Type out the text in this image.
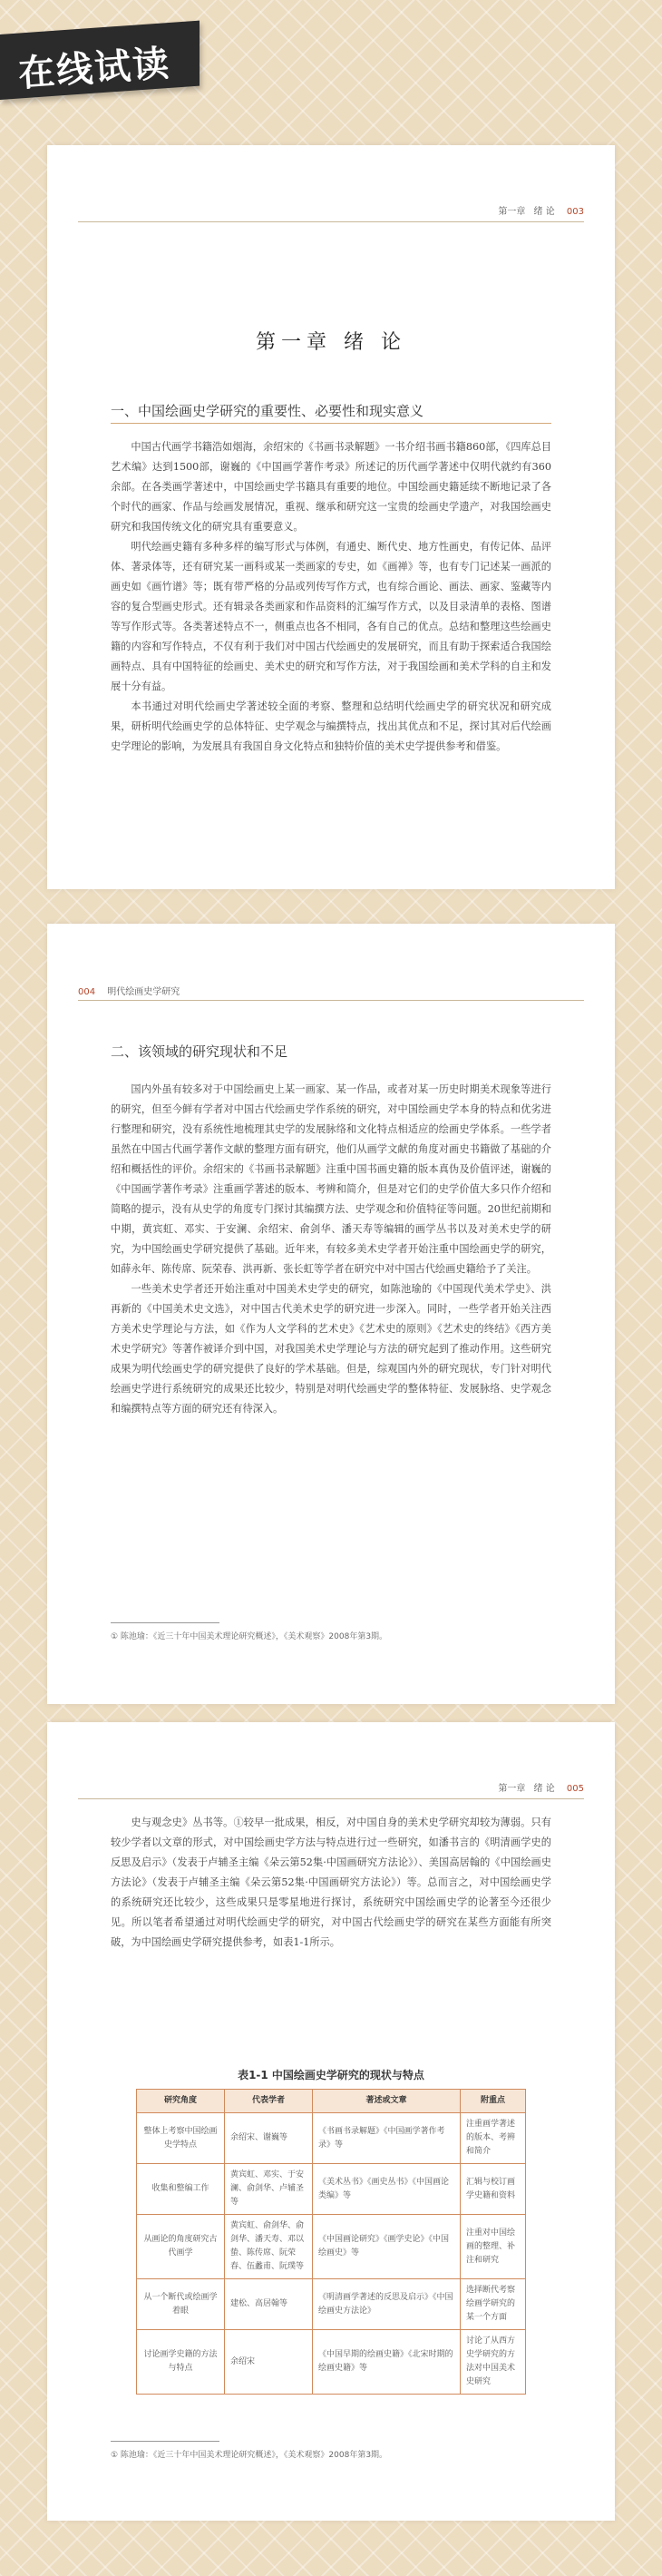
在线试读
第一章 绪 论 003
第一章 绪 论
一、中国绘画史学研究的重要性、必要性和现实意义

中国古代画学书籍浩如烟海，余绍宋的《书画书录解题》一书介绍书画书籍860部，《四库总目艺术编》达到1500部，谢巍的《中国画学著作考录》所述记的历代画学著述中仅明代就约有360余部。在各类画学著述中，中国绘画史学书籍具有重要的地位。中国绘画史籍延续不断地记录了各个时代的画家、作品与绘画发展情况，重视、继承和研究这一宝贵的绘画史学遗产，对我国绘画史研究和我国传统文化的研究具有重要意义。

明代绘画史籍有多种多样的编写形式与体例，有通史、断代史、地方性画史，有传记体、品评体、著录体等，还有研究某一画科或某一类画家的专史，如《画禅》等，也有专门记述某一画派的画史如《画竹谱》等；既有带严格的分品或列传写作方式，也有综合画论、画法、画家、鉴藏等内容的复合型画史形式。还有辑录各类画家和作品资料的汇编写作方式，以及目录清单的表格、图谱等写作形式等。各类著述特点不一，侧重点也各不相同，各有自己的优点。总结和整理这些绘画史籍的内容和写作特点，不仅有利于我们对中国古代绘画史的发展研究，而且有助于探索适合我国绘画特点、具有中国特征的绘画史、美术史的研究和写作方法，对于我国绘画和美术学科的自主和发展十分有益。

本书通过对明代绘画史学著述较全面的考察、整理和总结明代绘画史学的研究状况和研究成果，研析明代绘画史学的总体特征、史学观念与编撰特点，找出其优点和不足，探讨其对后代绘画史学理论的影响，为发展具有我国自身文化特点和独特价值的美术史学提供参考和借鉴。

004 明代绘画史学研究
二、该领域的研究现状和不足

国内外虽有较多对于中国绘画史上某一画家、某一作品，或者对某一历史时期美术现象等进行的研究，但至今鲜有学者对中国古代绘画史学作系统的研究，对中国绘画史学本身的特点和优劣进行整理和研究，没有系统性地梳理其史学的发展脉络和文化特点相适应的绘画史学体系。一些学者虽然在中国古代画学著作文献的整理方面有研究，他们从画学文献的角度对画史书籍做了基础的介绍和概括性的评价。余绍宋的《书画书录解题》注重中国书画史籍的版本真伪及价值评述，谢巍的《中国画学著作考录》注重画学著述的版本、考辨和简介，但是对它们的史学价值大多只作介绍和简略的提示，没有从史学的角度专门探讨其编撰方法、史学观念和价值特征等问题。20世纪前期和中期，黄宾虹、邓实、于安澜、余绍宋、俞剑华、潘天寿等编辑的画学丛书以及对美术史学的研究，为中国绘画史学研究提供了基础。近年来，有较多美术史学者开始注重中国绘画史学的研究，如薛永年、陈传席、阮荣春、洪再新、张长虹等学者在研究中对中国古代绘画史籍给予了关注。

一些美术史学者还开始注重对中国美术史学史的研究，如陈池瑜的《中国现代美术学史》、洪再新的《中国美术史文选》，对中国古代美术史学的研究进一步深入。同时，一些学者开始关注西方美术史学理论与方法，如《作为人文学科的艺术史》《艺术史的原则》《艺术史的终结》《西方美术史学研究》等著作被译介到中国，对我国美术史学理论与方法的研究起到了推动作用。这些研究成果为明代绘画史学的研究提供了良好的学术基础。但是，综观国内外的研究现状，专门针对明代绘画史学进行系统研究的成果还比较少，特别是对明代绘画史学的整体特征、发展脉络、史学观念和编撰特点等方面的研究还有待深入。

① 陈池瑜：《近三十年中国美术理论研究概述》，《美术观察》2008年第3期。
第一章 绪 论 005

史与观念史》丛书等。①较早一批成果，相反，对中国自身的美术史学研究却较为薄弱。只有较少学者以文章的形式，对中国绘画史学方法与特点进行过一些研究，如潘书言的《明清画学史的反思及启示》（发表于卢辅圣主编《朵云第52集·中国画研究方法论》）、美国高居翰的《中国绘画史方法论》（发表于卢辅圣主编《朵云第52集·中国画研究方法论》）等。总而言之，对中国绘画史学的系统研究还比较少，这些成果只是零星地进行探讨，系统研究中国绘画史学的论著至今还很少见。所以笔者希望通过对明代绘画史学的研究，对中国古代绘画史学的研究在某些方面能有所突破，为中国绘画史学研究提供参考，如表1-1所示。

表1-1 中国绘画史学研究的现状与特点
研究角度	代表学者	著述或文章	附重点
整体上考察中国绘画史学特点	余绍宋、谢巍等	《书画书录解题》《中国画学著作考录》等	注重画学著述的版本、考辨和简介
收集和整编工作	黄宾虹、邓实、于安澜、俞剑华、卢辅圣等	《美术丛书》《画史丛书》《中国画论类编》等	汇辑与校订画学史籍和资料
从画论的角度研究古代画学	黄宾虹、俞剑华、俞剑华、潘天寿、邓以蛰、陈传席、阮荣春、伍蠡甫、阮璞等	《中国画论研究》《画学史论》《中国绘画史》等	注重对中国绘画的整理、补注和研究
从一个断代或绘画学着眼	建松、高居翰等	《明清画学著述的反思及启示》《中国绘画史方法论》	选择断代考察绘画学研究的某一个方面
讨论画学史籍的方法与特点	余绍宋	《中国早期的绘画史籍》《北宋时期的绘画史籍》等	讨论了从西方史学研究的方法对中国美术史研究
① 陈池瑜：《近三十年中国美术理论研究概述》，《美术观察》2008年第3期。
